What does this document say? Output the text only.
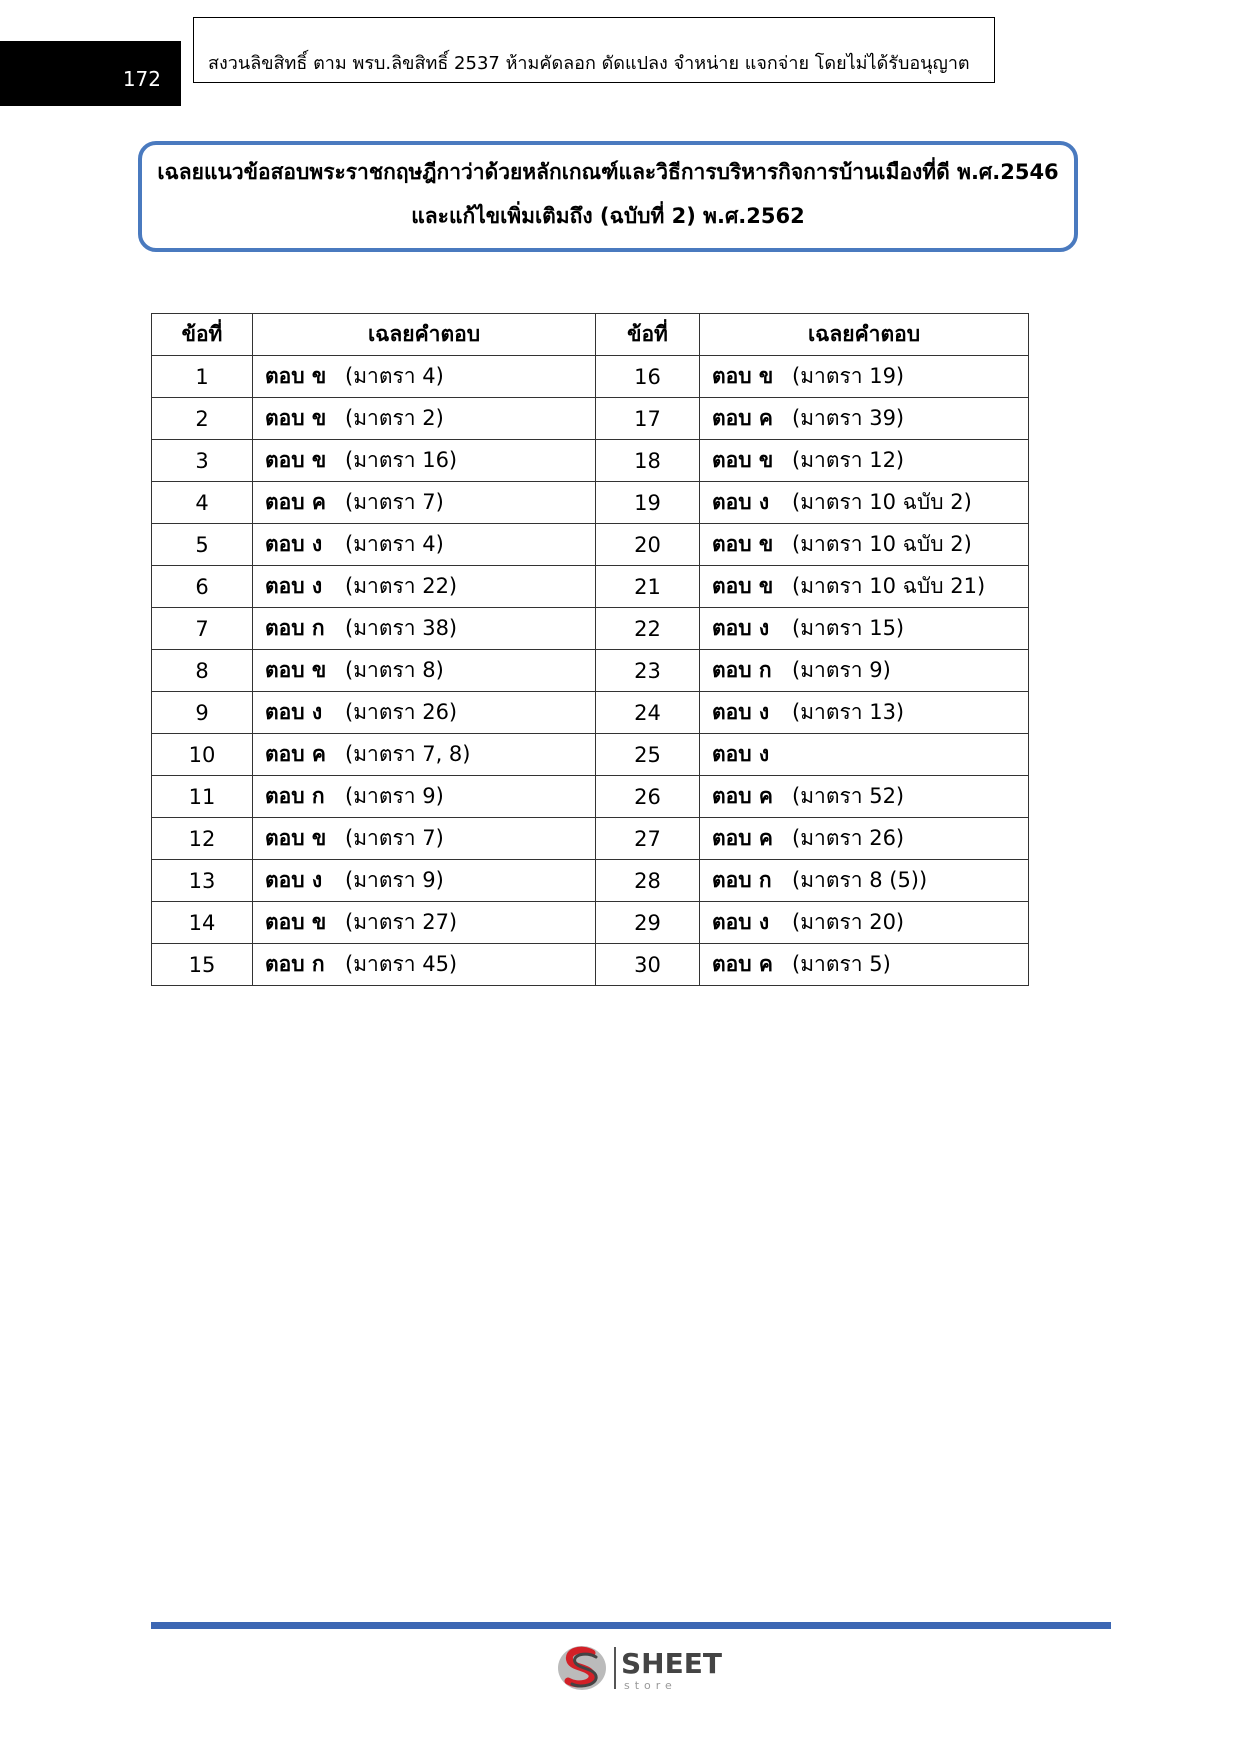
172
สงวนลิขสิทธิ์ ตาม พรบ.ลิขสิทธิ์ 2537 ห้ามคัดลอก ดัดแปลง จำหน่าย แจกจ่าย โดยไม่ได้รับอนุญาต
เฉลยแนวข้อสอบพระราชกฤษฎีกาว่าด้วยหลักเกณฑ์และวิธีการบริหารกิจการบ้านเมืองที่ดี พ.ศ.2546
และแก้ไขเพิ่มเติมถึง (ฉบับที่ 2) พ.ศ.2562
ข้อที่	เฉลยคำตอบ	ข้อที่	เฉลยคำตอบ
1	ตอบ ข (มาตรา 4)	16	ตอบ ข (มาตรา 19)
2	ตอบ ข (มาตรา 2)	17	ตอบ ค (มาตรา 39)
3	ตอบ ข (มาตรา 16)	18	ตอบ ข (มาตรา 12)
4	ตอบ ค (มาตรา 7)	19	ตอบ ง (มาตรา 10 ฉบับ 2)
5	ตอบ ง (มาตรา 4)	20	ตอบ ข (มาตรา 10 ฉบับ 2)
6	ตอบ ง (มาตรา 22)	21	ตอบ ข (มาตรา 10 ฉบับ 21)
7	ตอบ ก (มาตรา 38)	22	ตอบ ง (มาตรา 15)
8	ตอบ ข (มาตรา 8)	23	ตอบ ก (มาตรา 9)
9	ตอบ ง (มาตรา 26)	24	ตอบ ง (มาตรา 13)
10	ตอบ ค (มาตรา 7, 8)	25	ตอบ ง
11	ตอบ ก (มาตรา 9)	26	ตอบ ค (มาตรา 52)
12	ตอบ ข (มาตรา 7)	27	ตอบ ค (มาตรา 26)
13	ตอบ ง (มาตรา 9)	28	ตอบ ก (มาตรา 8 (5))
14	ตอบ ข (มาตรา 27)	29	ตอบ ง (มาตรา 20)
15	ตอบ ก (มาตรา 45)	30	ตอบ ค (มาตรา 5)
SHEET
store
